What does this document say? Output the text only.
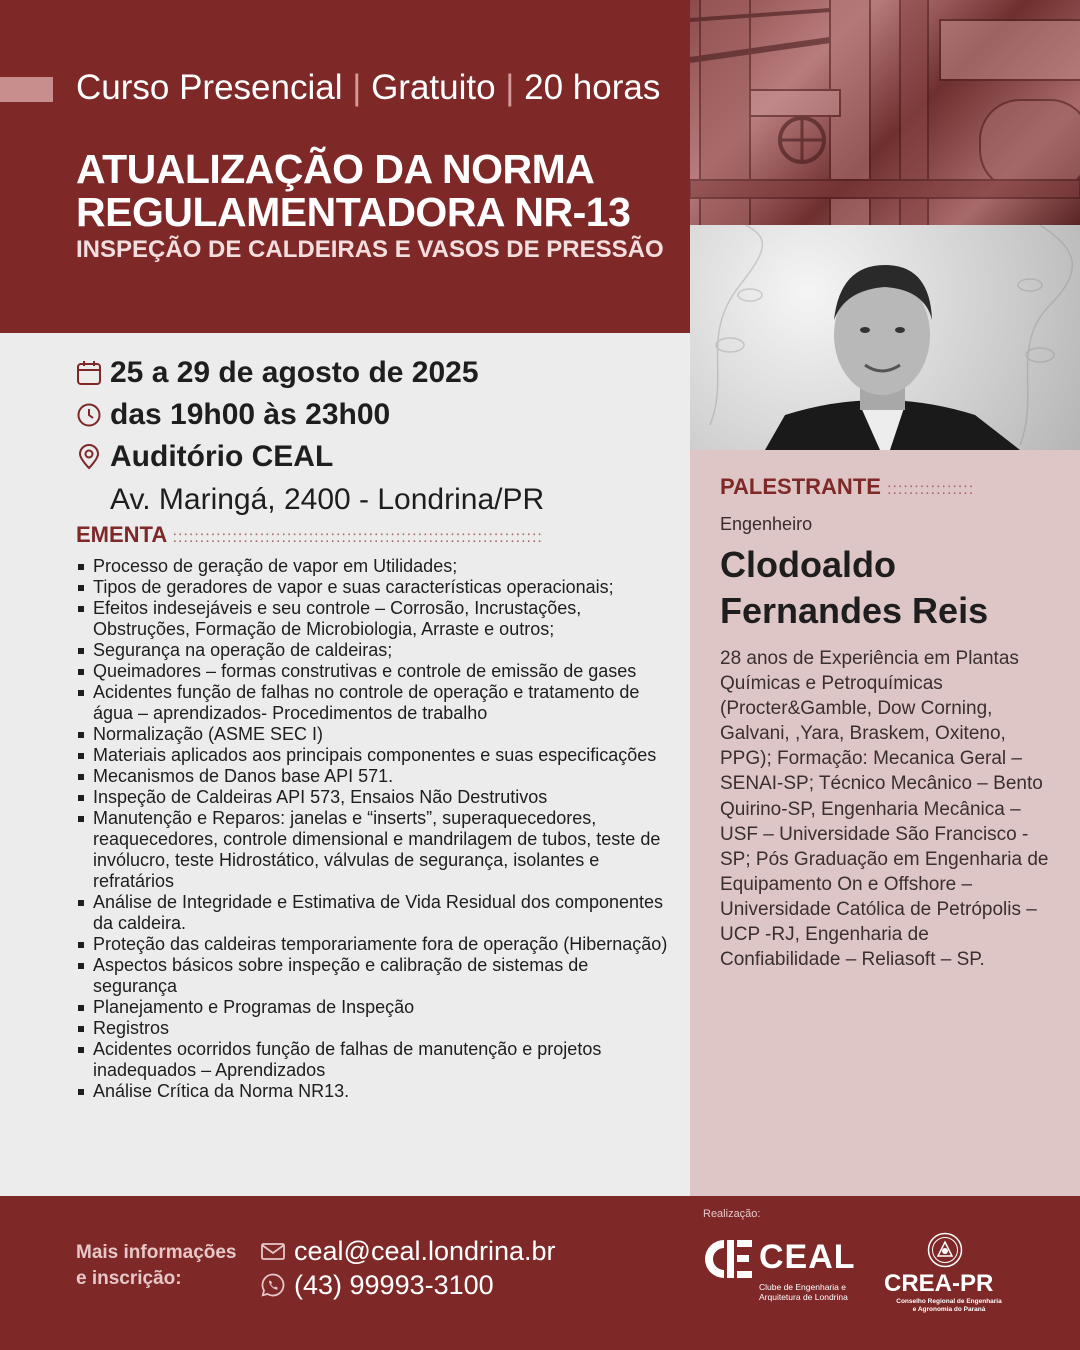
Curso Presencial | Gratuito | 20 horas
ATUALIZAÇÃO DA NORMA
REGULAMENTADORA NR-13
INSPEÇÃO DE CALDEIRAS E VASOS DE PRESSÃO
PALESTRANTE ::::::::::::::::
Engenheiro
Clodoaldo
Fernandes Reis
28 anos de Experiência em Plantas Químicas e Petroquímicas (Procter&Gamble, Dow Corning, Galvani, ,Yara, Braskem, Oxiteno, PPG); Formação: Mecanica Geral – SENAI-SP; Técnico Mecânico – Bento Quirino-SP, Engenharia Mecânica – USF – Universidade São Francisco -SP; Pós Graduação em Engenharia de Equipamento On e Offshore – Universidade Católica de Petrópolis – UCP -RJ, Engenharia de Confiabilidade – Reliasoft – SP.
25 a 29 de agosto de 2025
das 19h00 às 23h00
Auditório CEAL
Av. Maringá, 2400 - Londrina/PR
EMENTA ::::::::::::::::::::::::::::::::::::::::::::::::::::::::::::::::::::
Processo de geração de vapor em Utilidades;
Tipos de geradores de vapor e suas características operacionais;
Efeitos indesejáveis e seu controle – Corrosão, Incrustações, Obstruções, Formação de Microbiologia, Arraste e outros;
Segurança na operação de caldeiras;
Queimadores – formas construtivas e controle de emissão de gases
Acidentes função de falhas no controle de operação e tratamento de água – aprendizados- Procedimentos de trabalho
Normalização (ASME SEC I)
Materiais aplicados aos principais componentes e suas especificações
Mecanismos de Danos base API 571.
Inspeção de Caldeiras API 573, Ensaios Não Destrutivos
Manutenção e Reparos: janelas e “inserts”, superaquecedores, reaquecedores, controle dimensional e mandrilagem de tubos, teste de invólucro, teste Hidrostático, válvulas de segurança, isolantes e refratários
Análise de Integridade e Estimativa de Vida Residual dos componentes da caldeira.
Proteção das caldeiras temporariamente fora de operação (Hibernação)
Aspectos básicos sobre inspeção e calibração de sistemas de segurança
Planejamento e Programas de Inspeção
Registros
Acidentes ocorridos função de falhas de manutenção e projetos inadequados – Aprendizados
Análise Crítica da Norma NR13.
Mais informações
e inscrição:
ceal@ceal.londrina.br
(43) 99993-3100
Realização:
CEAL
Clube de Engenharia e
Arquitetura de Londrina	CREA-PR
Conselho Regional de Engenharia
e Agronomia do Paraná
